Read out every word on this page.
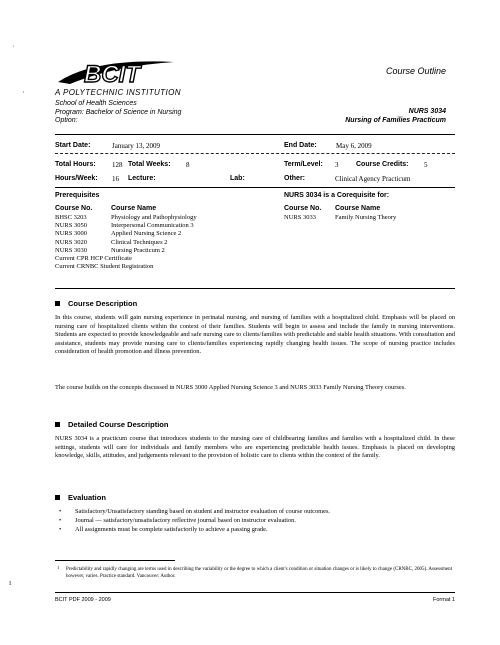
˙
·
ı
BCIT
A POLYTECHNIC INSTITUTION
Course Outline
School of Health Sciences
Program: Bachelor of Science in Nursing
Option:
NURS 3034
Nursing of Families Practicum
Start Date:	January 13, 2009	End Date:	May 6, 2009
Total Hours: 128 Total Weeks: 8	Term/Level: 3	Course Credits: 5
Hours/Week: 16 Lecture:	Lab:	Other:	Clinical Agency Practicum
Prerequisites
Course No.	Course Name
BHSC 3203	Physiology and Pathophysiology
NURS 3050	Interpersonal Communication 3
NURS 3000	Applied Nursing Science 2
NURS 3020	Clinical Techniques 2
NURS 3030	Nursing Practicum 2
Current CPR HCP Certificate
Current CRNBC Student Registration
NURS 3034 is a Corequisite for:
Course No. Course Name
NURS 3033	Family Nursing Theory
Course Description
In this course, students will gain nursing experience in perinatal nursing, and nursing of families with a hospitalized child. Emphasis will be placed on nursing care of hospitalized clients within the context of their families. Students will begin to assess and include the family in nursing interventions. Students are expected to provide knowledgeable and safe nursing care to clients/families with predictable and stable health situations. With consultation and assistance, students may provide nursing care to clients/families experiencing rapidly changing health issues. The scope of nursing practice includes consideration of health promotion and illness prevention.
The course builds on the concepts discussed in NURS 3000 Applied Nursing Science 3 and NURS 3033 Family Nursing Theory courses.
Detailed Course Description
NURS 3034 is a practicum course that introduces students to the nursing care of childbearing families and families with a hospitalized child. In these settings, students will care for individuals and family members who are experiencing predictable health issues. Emphasis is placed on developing knowledge, skills, attitudes, and judgements relevant to the provision of holistic care to clients within the context of the family.
Evaluation
• Satisfactory/Unsatisfactory standing based on student and instructor evaluation of course outcomes.
• Journal — satisfactory/unsatisfactory reflective journal based on instructor evaluation.
• All assignments must be complete satisfactorily to achieve a passing grade.
1 Predictability and rapidly changing are terms used in describing the variability or the degree to which a client's condition or situation changes or is likely to change (CRNBC, 2005). Assessment however, varies. Practice standard. Vancouver: Author.
BCIT PDF 2009 - 2009	Format 1
